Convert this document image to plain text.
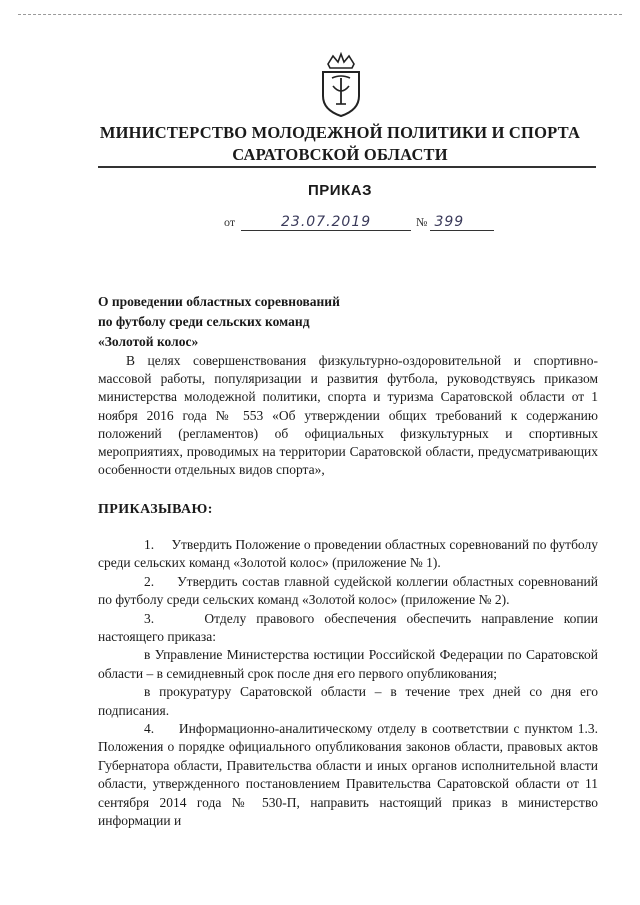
МИНИСТЕРСТВО МОЛОДЕЖНОЙ ПОЛИТИКИ И СПОРТА
САРАТОВСКОЙ ОБЛАСТИ
ПРИКАЗ
от	23.07.2019	№ 399
О проведении областных соревнований
по футболу среди сельских команд
«Золотой колос»

В целях совершенствования физкультурно-оздоровительной и спортивно-массовой работы, популяризации и развития футбола, руководствуясь приказом министерства молодежной политики, спорта и туризма Саратовской области от 1 ноября 2016 года № 553 «Об утверждении общих требований к содержанию положений (регламентов) об официальных физкультурных и спортивных мероприятиях, проводимых на территории Саратовской области, предусматривающих особенности отдельных видов спорта»,

ПРИКАЗЫВАЮ:

1.     Утвердить Положение о проведении областных соревнований по футболу среди сельских команд «Золотой колос» (приложение № 1).

2.     Утвердить состав главной судейской коллегии областных соревнований по футболу среди сельских команд «Золотой колос» (приложение № 2).

3.     Отделу правового обеспечения обеспечить направление копии настоящего приказа:

в Управление Министерства юстиции Российской Федерации по Саратовской области – в семидневный срок после дня его первого опубликования;

в прокуратуру Саратовской области – в течение трех дней со дня его подписания.

4.     Информационно-аналитическому отделу в соответствии с пунктом 1.3. Положения о порядке официального опубликования законов области, правовых актов Губернатора области, Правительства области и иных органов исполнительной власти области, утвержденного постановлением Правительства Саратовской области от 11 сентября 2014 года № 530-П, направить настоящий приказ в министерство информации и
